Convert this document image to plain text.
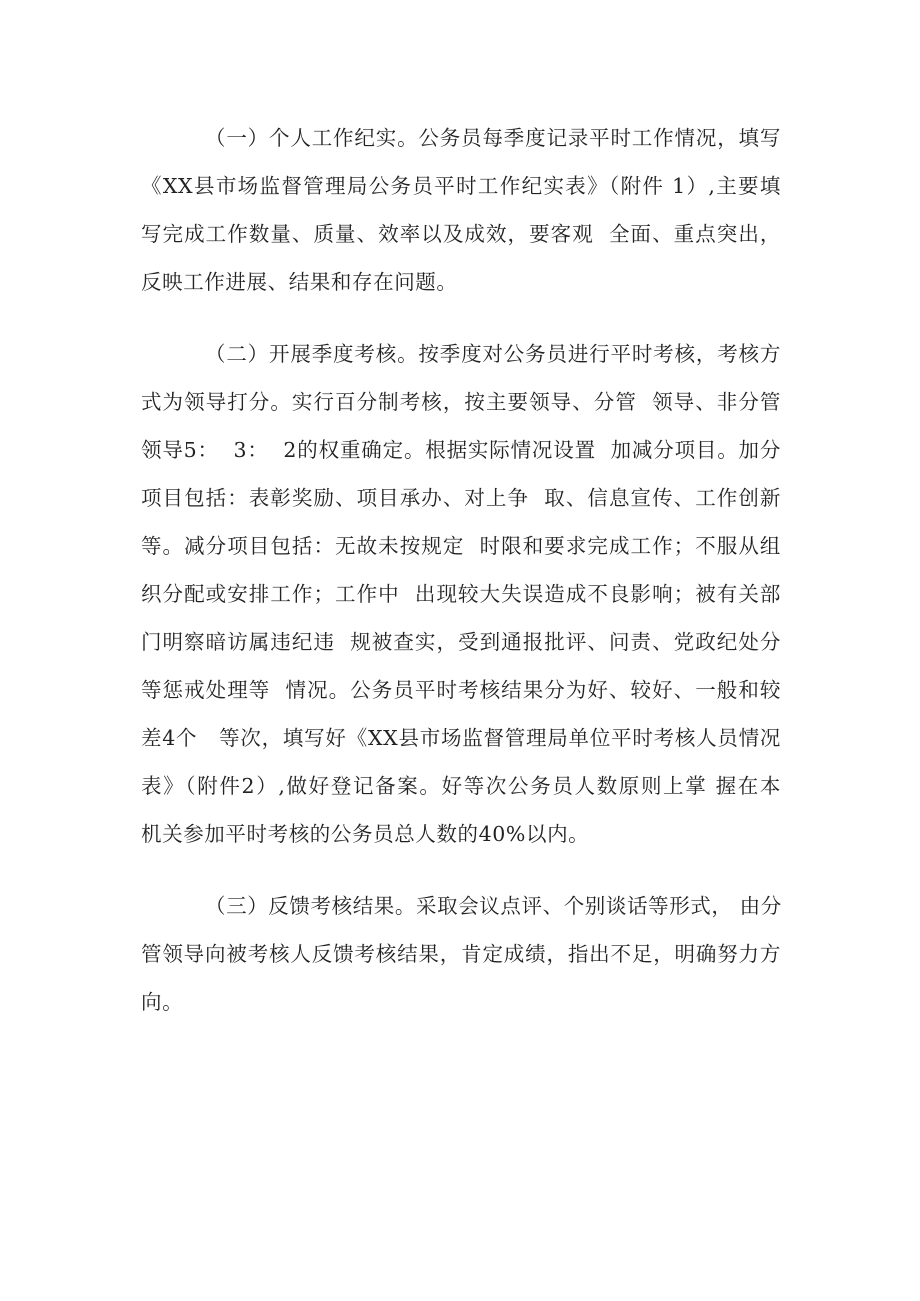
（一）个人工作纪实。公务员每季度记录平时工作情况，填写
《XX县市场监督管理局公务员平时工作纪实表》（附件 1）,主要填
写完成工作数量、质量、效率以及成效，要客观  全面、重点突出，
反映工作进展、结果和存在问题。

（二）开展季度考核。按季度对公务员进行平时考核，考核方
式为领导打分。实行百分制考核，按主要领导、分管  领导、非分管
领导5：  3：  2的权重确定。根据实际情况设置  加减分项目。加分
项目包括：表彰奖励、项目承办、对上争  取、信息宣传、工作创新
等。减分项目包括：无故未按规定  时限和要求完成工作；不服从组
织分配或安排工作；工作中  出现较大失误造成不良影响；被有关部
门明察暗访属违纪违  规被查实，受到通报批评、问责、党政纪处分
等惩戒处理等  情况。公务员平时考核结果分为好、较好、一般和较
差4个   等次，填写好《XX县市场监督管理局单位平时考核人员情况
表》（附件2）,做好登记备案。好等次公务员人数原则上掌 握在本
机关参加平时考核的公务员总人数的40%以内。

（三）反馈考核结果。采取会议点评、个别谈话等形式， 由分
管领导向被考核人反馈考核结果，肯定成绩，指出不足，明确努力方
向。
